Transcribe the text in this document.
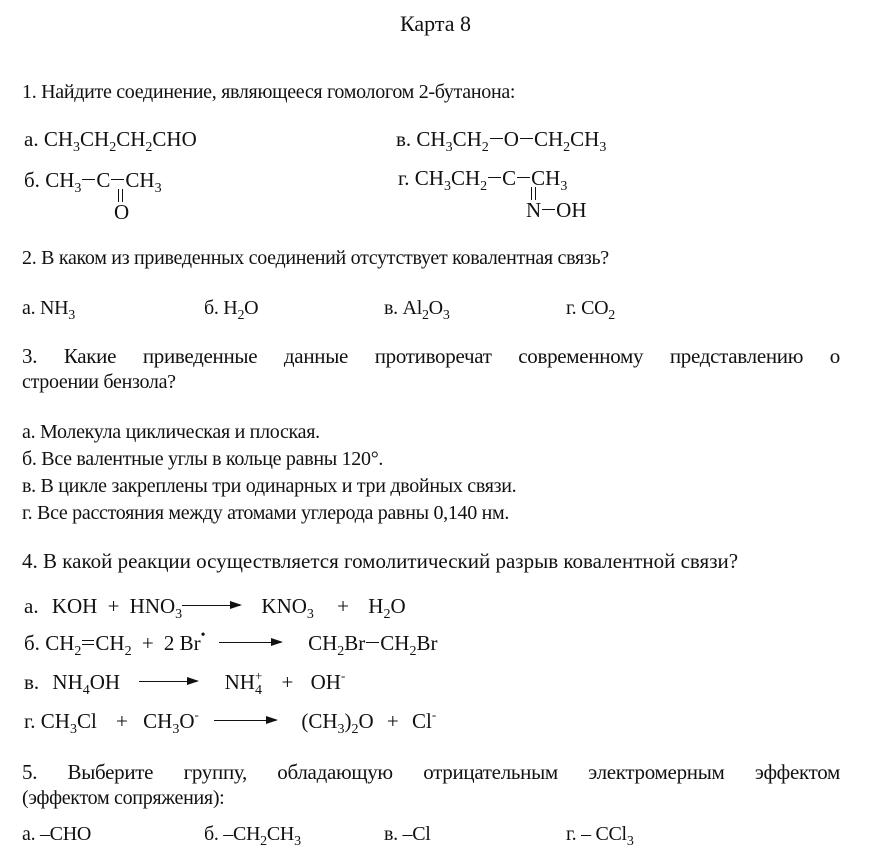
Карта 8
1. Найдите соединение, являющееся гомологом 2-бутанона:
а. $CH_3CH_2CH_2CHO$
б. $CH_3$ C $CH_3$
O
в. $CH_3CH_2$ O $CH_2CH_3$
г. $CH_3CH_2$ C $CH_3$
N OH
2. В каком из приведенных соединений отсутствует ковалентная связь?
а. $NH_3$	б. $H_2O$	в. $Al_2O_3$	г. $CO_2$
3. Какие приведенные данные противоречат современному представлению о
строении бензола?
а. Молекула циклическая и плоская.
б. Все валентные углы в кольце равны 120°.
в. В цикле закреплены три одинарных и три двойных связи.
г. Все расстояния между атомами углерода равны 0,140 нм.
4. В какой реакции осуществляется гомолитический разрыв ковалентной связи?
а. KOH + $HNO_3 \to KNO_3 + H_2O$
б. $CH_2$ $CH_2 + 2$ $Br^• \to CH_2Br$ $CH_2Br$
в. $NH_4OH \to NH_4^+ + OH^-$
г. $CH_3Cl + CH_3O^- \to (CH_3)_2O + Cl^-$
5. Выберите группу, обладающую отрицательным электромерным эффектом
(эффектом сопряжения):
а. –CHO	б. $-CH_2CH_3$	в. –Cl	г. – CCl$_3$
